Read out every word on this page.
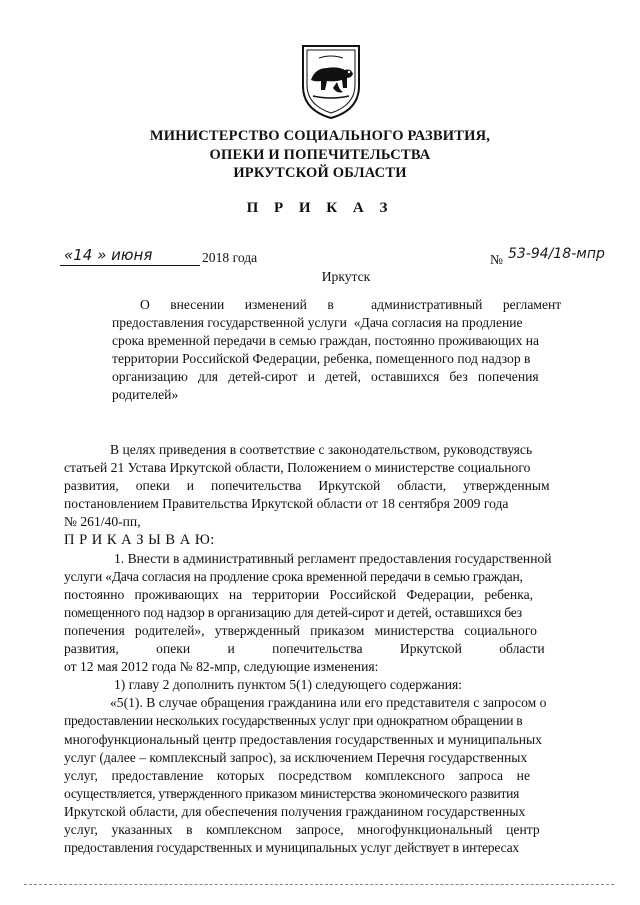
МИНИСТЕРСТВО СОЦИАЛЬНОГО РАЗВИТИЯ,
ОПЕКИ И ПОПЕЧИТЕЛЬСТВА
ИРКУТСКОЙ ОБЛАСТИ
П Р И К А З
«14 » июня	2018 года	№ 53-94/18-мпр
Иркутск
О      внесении      изменений      в           административный      регламент
предоставления государственной услуги  «Дача согласия на продление
срока временной передачи в семью граждан, постоянно проживающих на
территории Российской Федерации, ребенка, помещенного под надзор в
организацию   для   детей-сирот   и   детей,   оставшихся   без   попечения
родителей»
В целях приведения в соответствие с законодательством, руководствуясь
статьей 21 Устава Иркутской области, Положением о министерстве социального
развития,     опеки     и     попечительства     Иркутской     области,     утвержденным
постановлением Правительства Иркутской области от 18 сентября 2009 года
№ 261/40-пп,
П Р И К А З Ы В А Ю:
1. Внести в административный регламент предоставления государственной
услуги «Дача согласия на продление срока временной передачи в семью граждан,
постоянно   проживающих   на   территории   Российской   Федерации,   ребенка,
помещенного под надзор в организацию для детей-сирот и детей, оставшихся без
попечения   родителей»,   утвержденный   приказом   министерства   социального
развития,           опеки           и           попечительства           Иркутской           области
от 12 мая 2012 года № 82-мпр, следующие изменения:
1) главу 2 дополнить пунктом 5(1) следующего содержания:
«5(1). В случае обращения гражданина или его представителя с запросом о
предоставлении нескольких государственных услуг при однократном обращении в
многофункциональный центр предоставления государственных и муниципальных
услуг (далее – комплексный запрос), за исключением Перечня государственных
услуг,    предоставление    которых    посредством    комплексного    запроса    не
осуществляется, утвержденного приказом министерства экономического развития
Иркутской области, для обеспечения получения гражданином государственных
услуг,    указанных    в    комплексном    запросе,    многофункциональный    центр
предоставления государственных и муниципальных услуг действует в интересах
